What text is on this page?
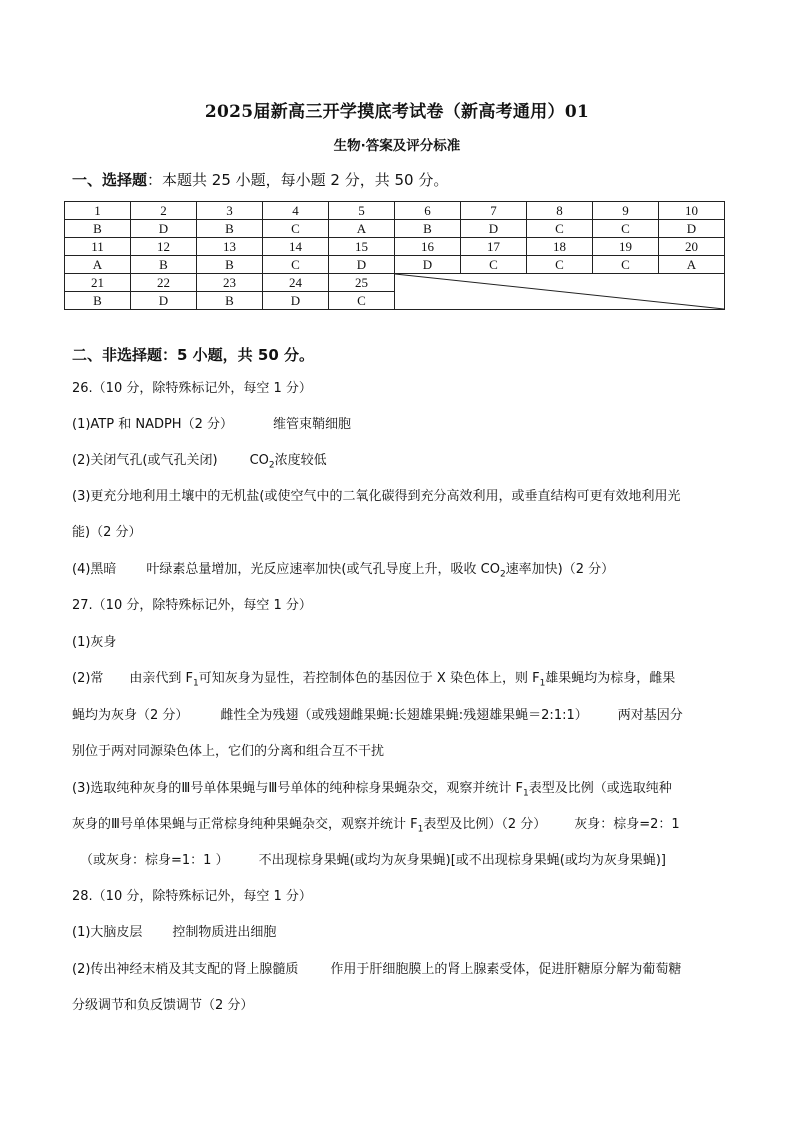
2025届新高三开学摸底考试卷（新高考通用）01
生物·答案及评分标准
一、选择题：本题共 25 小题，每小题 2 分，共 50 分。
1	2	3	4	5	6	7	8	9	10
B	D	B	C	A	B	D	C	C	D
11	12	13	14	15	16	17	18	19	20
A	B	B	C	D	D	C	C	C	A
21	22	23	24	25	

B	D	B	D	C					
二、非选择题：5 小题，共 50 分。
26.（10 分，除特殊标记外，每空 1 分）
(1)ATP 和 NADPH（2 分）	维管束鞘细胞
(2)关闭气孔(或气孔关闭) $CO_2$浓度较低
(3)更充分地利用土壤中的无机盐(或使空气中的二氧化碳得到充分高效利用，或垂直结构可更有效地利用光
能)（2 分）
(4)黑暗 叶绿素总量增加，光反应速率加快(或气孔导度上升，吸收 $CO_2$速率加快)（2 分）
27.（10 分，除特殊标记外，每空 1 分）
(1)灰身
(2)常 由亲代到 $F_1$可知灰身为显性，若控制体色的基因位于 X 染色体上，则 $F_1$雄果蝇均为棕身，雌果
蝇均为灰身（2 分） 雌性全为残翅（或残翅雌果蝇:长翅雄果蝇:残翅雄果蝇＝2:1:1） 两对基因分
别位于两对同源染色体上，它们的分离和组合互不干扰
(3)选取纯种灰身的Ⅲ号单体果蝇与Ⅲ号单体的纯种棕身果蝇杂交，观察并统计 $F_1$表型及比例（或选取纯种
灰身的Ⅲ号单体果蝇与正常棕身纯种果蝇杂交，观察并统计 $F_1$表型及比例）（2 分） 灰身：棕身=2：1
（或灰身：棕身=1：1 ） 不出现棕身果蝇(或均为灰身果蝇)[或不出现棕身果蝇(或均为灰身果蝇)]
28.（10 分，除特殊标记外，每空 1 分）
(1)大脑皮层 控制物质进出细胞
(2)传出神经末梢及其支配的肾上腺髓质 作用于肝细胞膜上的肾上腺素受体，促进肝糖原分解为葡萄糖
分级调节和负反馈调节（2 分）
